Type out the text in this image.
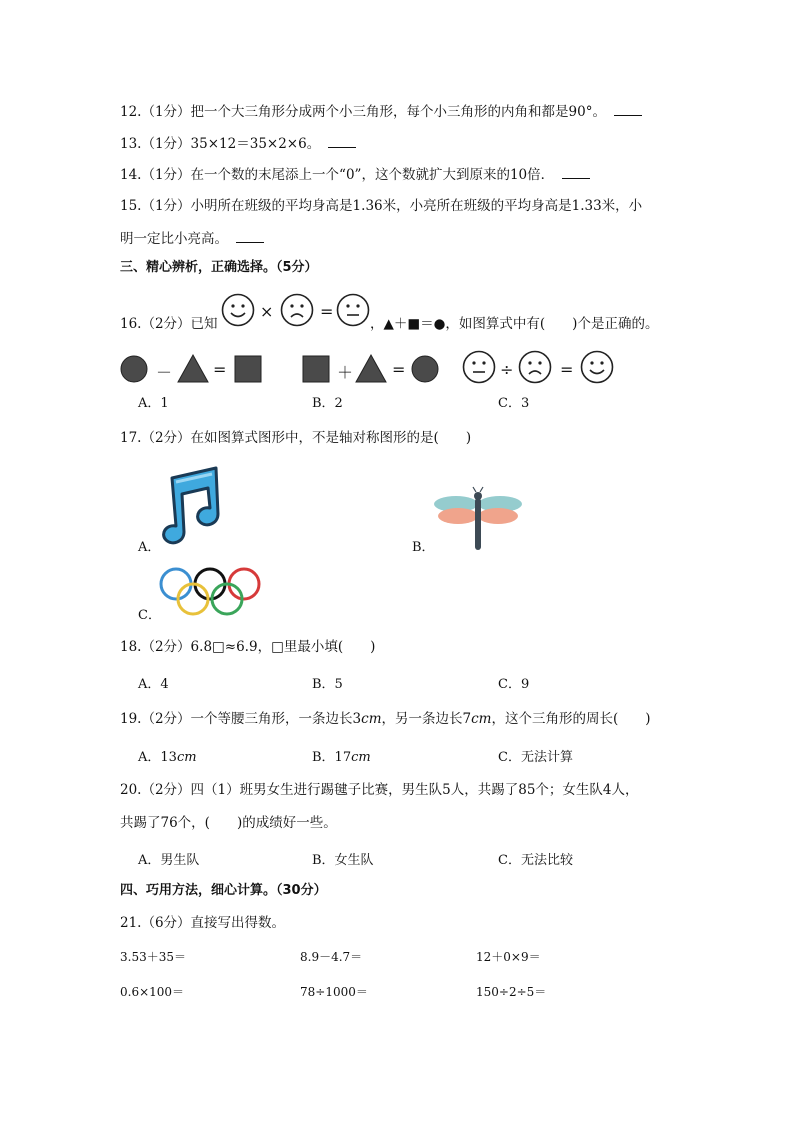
12.（1分）把一个大三角形分成两个小三角形，每个小三角形的内角和都是90°。
13.（1分）35×12＝35×2×6。
14.（1分）在一个数的末尾添上一个“0”，这个数就扩大到原来的10倍．
15.（1分）小明所在班级的平均身高是1.36米，小亮所在班级的平均身高是1.33米，小
明一定比小亮高。
三、精心辨析，正确选择。（5分）
16.（2分）已知
×	=
，▲＋■＝●，如图算式中有(　　)个是正确的。
－	=	＋ =	÷	=
A．1	B．2	C．3
17.（2分）在如图算式图形中，不是轴对称图形的是(　　)
A．	B．
C．
18.（2分）6.8□≈6.9，□里最小填(　　)
A．4	B．5	C．9
19.（2分）一个等腰三角形，一条边长3cm，另一条边长7cm，这个三角形的周长(　　)
A．13cm	B．17cm	C．无法计算
20.（2分）四（1）班男女生进行踢毽子比赛，男生队5人，共踢了85个；女生队4人，
共踢了76个，(　　)的成绩好一些。
A．男生队	B．女生队	C．无法比较
四、巧用方法，细心计算。（30分）
21.（6分）直接写出得数。
3.53＋35＝	8.9－4.7＝	12＋0×9＝
0.6×100＝	78÷1000＝	150÷2÷5＝
